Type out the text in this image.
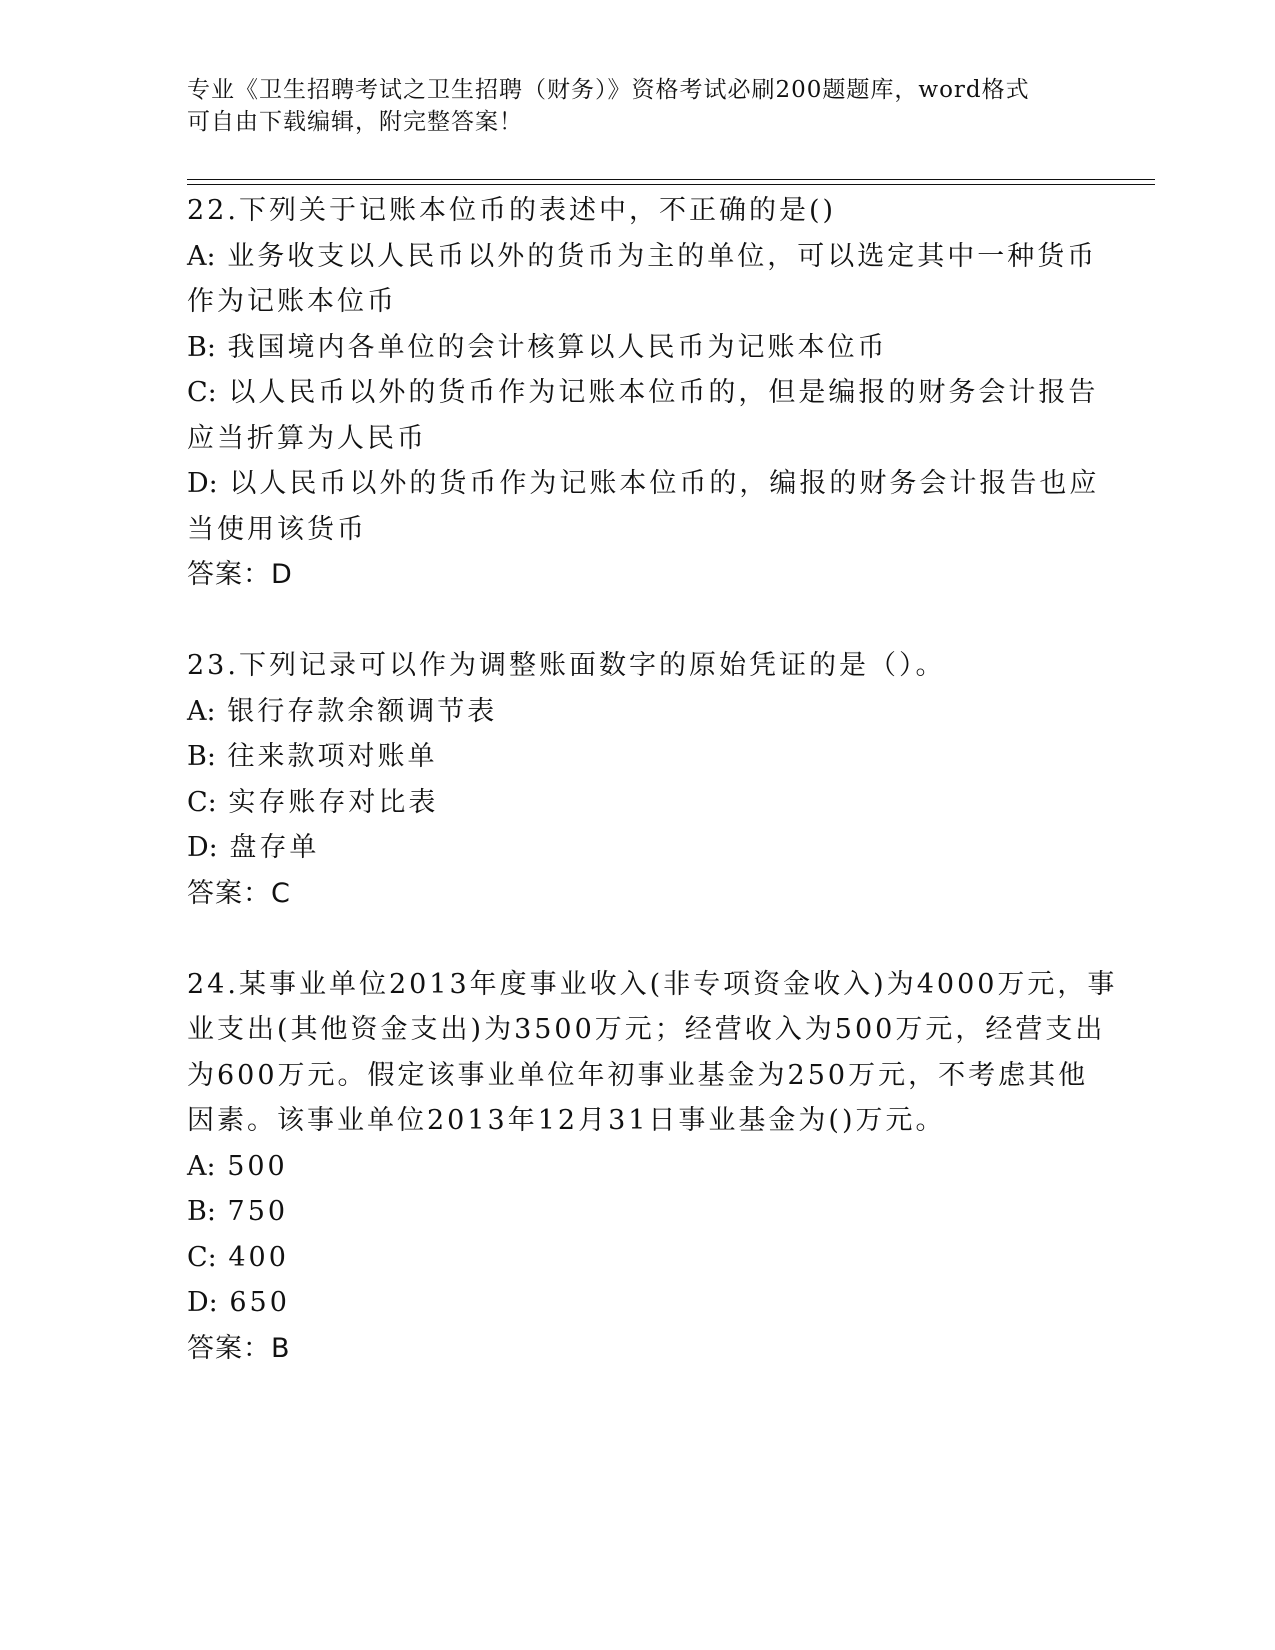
专业《卫生招聘考试之卫生招聘（财务）》资格考试必刷200题题库，word格式
可自由下载编辑，附完整答案！
22.下列关于记账本位币的表述中，不正确的是()
A: 业务收支以人民币以外的货币为主的单位，可以选定其中一种货币
作为记账本位币
B: 我国境内各单位的会计核算以人民币为记账本位币
C: 以人民币以外的货币作为记账本位币的，但是编报的财务会计报告
应当折算为人民币
D: 以人民币以外的货币作为记账本位币的，编报的财务会计报告也应
当使用该货币
答案：D
23.下列记录可以作为调整账面数字的原始凭证的是（）。
A: 银行存款余额调节表
B: 往来款项对账单
C: 实存账存对比表
D: 盘存单
答案：C
24.某事业单位2013年度事业收入(非专项资金收入)为4000万元，事
业支出(其他资金支出)为3500万元；经营收入为500万元，经营支出
为600万元。假定该事业单位年初事业基金为250万元，不考虑其他
因素。该事业单位2013年12月31日事业基金为()万元。
A: 500
B: 750
C: 400
D: 650
答案：B
